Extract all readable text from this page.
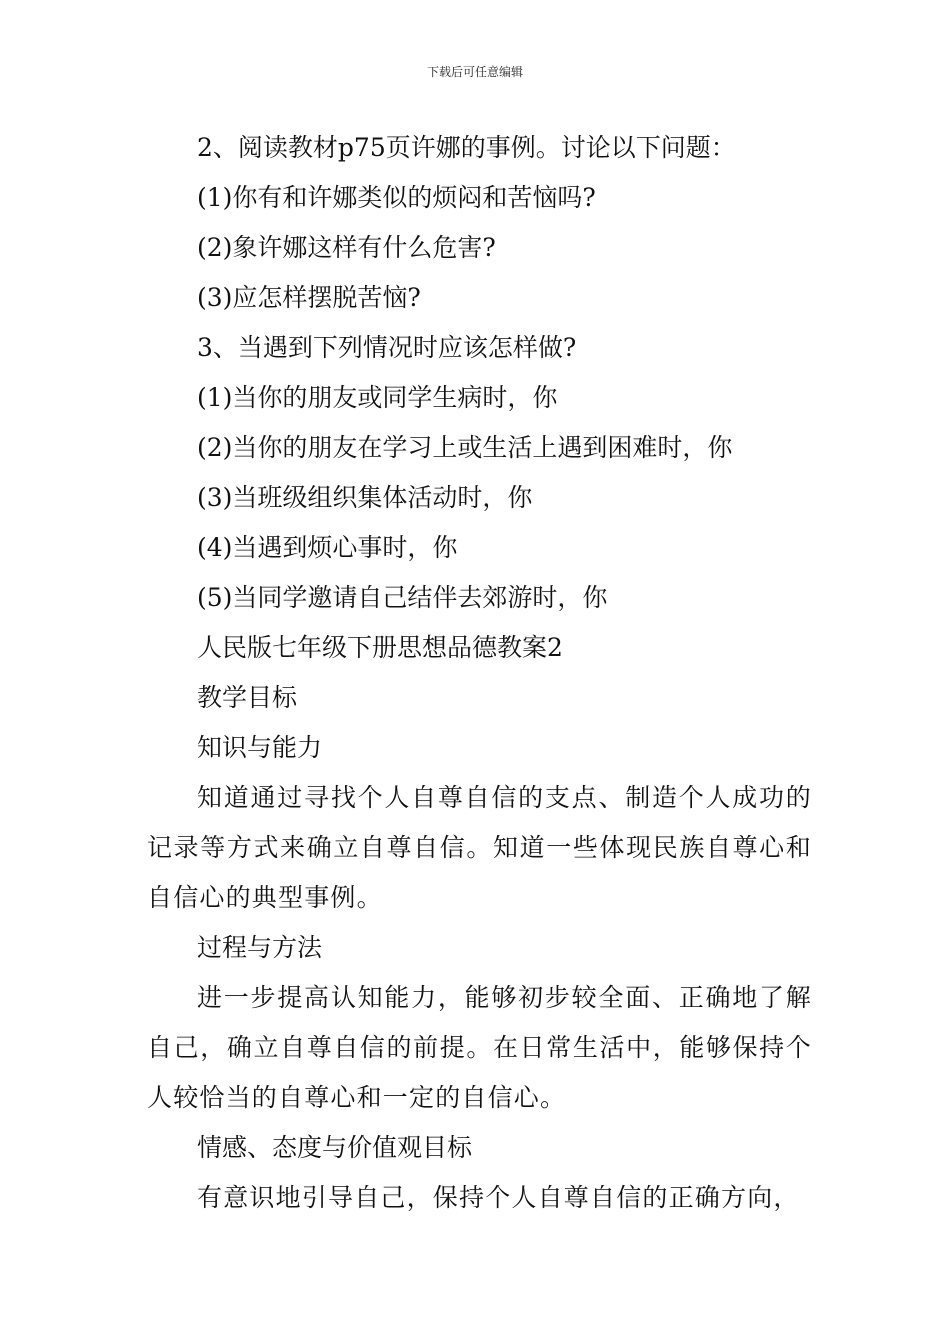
下载后可任意编辑
2、阅读教材p75页许娜的事例。讨论以下问题：
(1)你有和许娜类似的烦闷和苦恼吗?
(2)象许娜这样有什么危害?
(3)应怎样摆脱苦恼?
3、当遇到下列情况时应该怎样做?
(1)当你的朋友或同学生病时，你
(2)当你的朋友在学习上或生活上遇到困难时，你
(3)当班级组织集体活动时，你
(4)当遇到烦心事时，你
(5)当同学邀请自己结伴去郊游时，你
人民版七年级下册思想品德教案2
教学目标
知识与能力
知道通过寻找个人自尊自信的支点、制造个人成功的记录等方式来确立自尊自信。知道一些体现民族自尊心和自信心的典型事例。
过程与方法
进一步提高认知能力，能够初步较全面、正确地了解自己，确立自尊自信的前提。在日常生活中，能够保持个人较恰当的自尊心和一定的自信心。
情感、态度与价值观目标
有意识地引导自己，保持个人自尊自信的正确方向，
